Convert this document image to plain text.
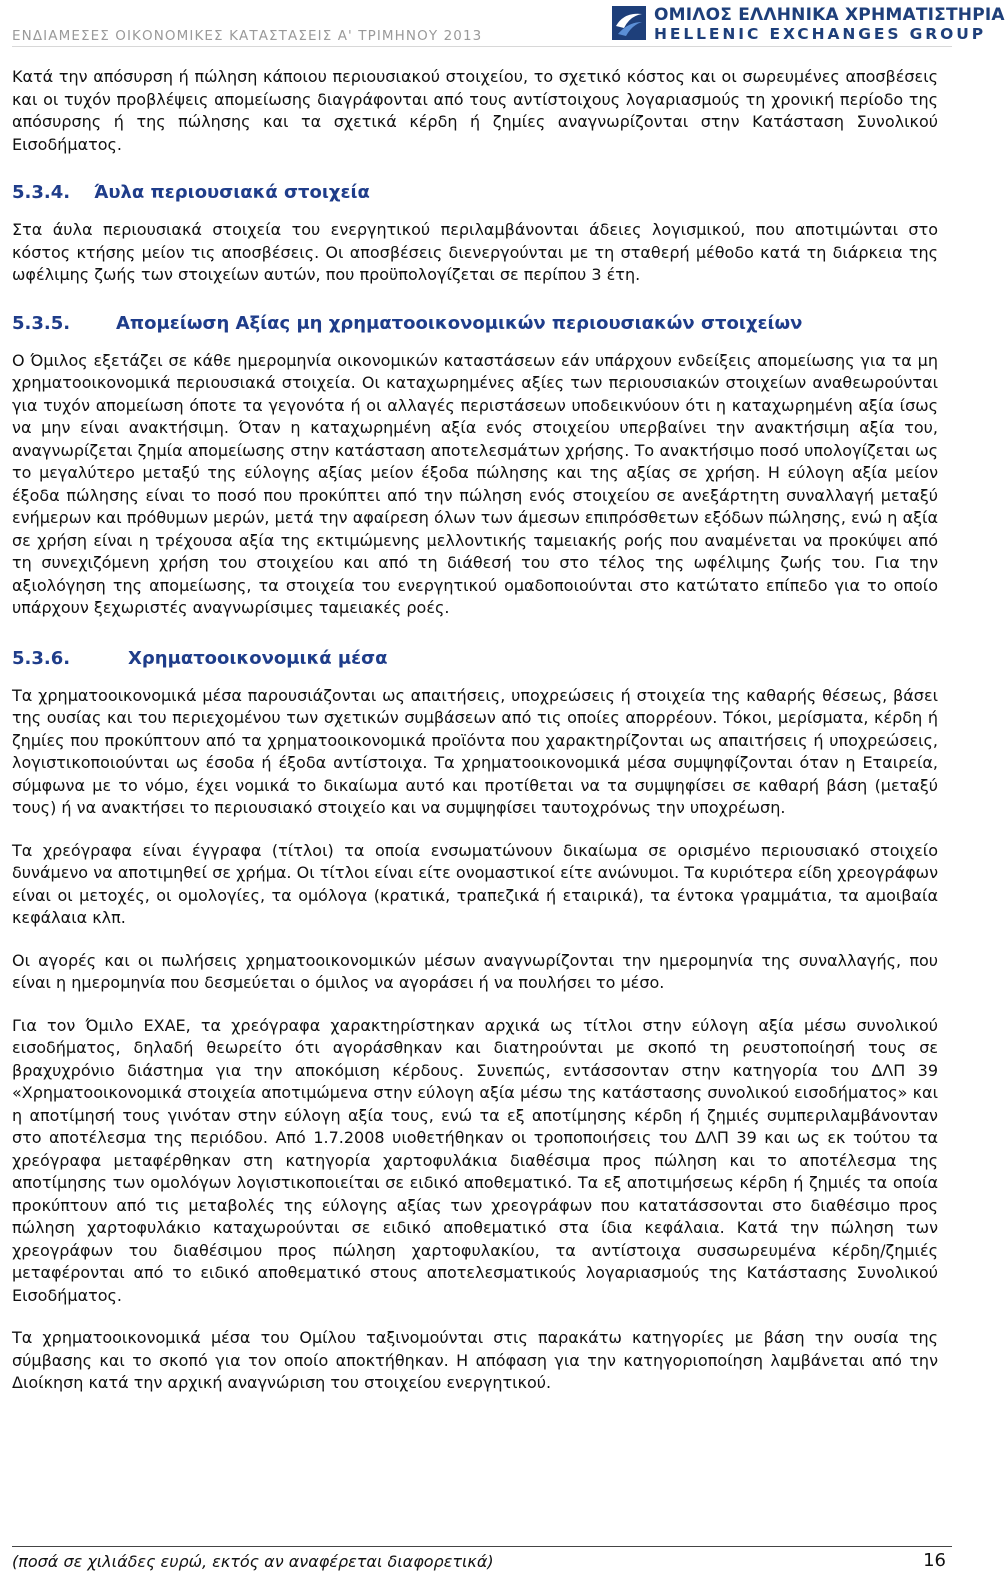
ΕΝΔΙΑΜΕΣΕΣ ΟΙΚΟΝΟΜΙΚΕΣ ΚΑΤΑΣΤΑΣΕΙΣ Α' ΤΡΙΜΗΝΟΥ 2013
ΟΜΙΛΟΣ ΕΛΛΗΝΙΚΑ ΧΡΗΜΑΤΙΣΤΗΡΙΑ
HELLENIC EXCHANGES GROUP

Κατά την απόσυρση ή πώληση κάποιου περιουσιακού στοιχείου, το σχετικό κόστος και οι σωρευμένες αποσβέσεις και οι τυχόν προβλέψεις απομείωσης διαγράφονται από τους αντίστοιχους λογαριασμούς τη χρονική περίοδο της απόσυρσης ή της πώλησης και τα σχετικά κέρδη ή ζημίες αναγνωρίζονται στην Κατάσταση Συνολικού Εισοδήματος.

5.3.4. Άυλα περιουσιακά στοιχεία

Στα άυλα περιουσιακά στοιχεία του ενεργητικού περιλαμβάνονται άδειες λογισμικού, που αποτιμώνται στο κόστος κτήσης μείον τις αποσβέσεις. Οι αποσβέσεις διενεργούνται με τη σταθερή μέθοδο κατά τη διάρκεια της ωφέλιμης ζωής των στοιχείων αυτών, που προϋπολογίζεται σε περίπου 3 έτη.

5.3.5.	Απομείωση Αξίας μη χρηματοοικονομικών περιουσιακών στοιχείων

Ο Όμιλος εξετάζει σε κάθε ημερομηνία οικονομικών καταστάσεων εάν υπάρχουν ενδείξεις απομείωσης για τα μη χρηματοοικονομικά περιουσιακά στοιχεία. Οι καταχωρημένες αξίες των περιουσιακών στοιχείων αναθεωρούνται για τυχόν απομείωση όποτε τα γεγονότα ή οι αλλαγές περιστάσεων υποδεικνύουν ότι η καταχωρημένη αξία ίσως να μην είναι ανακτήσιμη. Όταν η καταχωρημένη αξία ενός στοιχείου υπερβαίνει την ανακτήσιμη αξία του, αναγνωρίζεται ζημία απομείωσης στην κατάσταση αποτελεσμάτων χρήσης. Το ανακτήσιμο ποσό υπολογίζεται ως το μεγαλύτερο μεταξύ της εύλογης αξίας μείον έξοδα πώλησης και της αξίας σε χρήση. Η εύλογη αξία μείον έξοδα πώλησης είναι το ποσό που προκύπτει από την πώληση ενός στοιχείου σε ανεξάρτητη συναλλαγή μεταξύ ενήμερων και πρόθυμων μερών, μετά την αφαίρεση όλων των άμεσων επιπρόσθετων εξόδων πώλησης, ενώ η αξία σε χρήση είναι η τρέχουσα αξία της εκτιμώμενης μελλοντικής ταμειακής ροής που αναμένεται να προκύψει από τη συνεχιζόμενη χρήση του στοιχείου και από τη διάθεσή του στο τέλος της ωφέλιμης ζωής του. Για την αξιολόγηση της απομείωσης, τα στοιχεία του ενεργητικού ομαδοποιούνται στο κατώτατο επίπεδο για το οποίο υπάρχουν ξεχωριστές αναγνωρίσιμες ταμειακές ροές.

5.3.6.	Χρηματοοικονομικά μέσα

Τα χρηματοοικονομικά μέσα παρουσιάζονται ως απαιτήσεις, υποχρεώσεις ή στοιχεία της καθαρής θέσεως, βάσει της ουσίας και του περιεχομένου των σχετικών συμβάσεων από τις οποίες απορρέουν. Τόκοι, μερίσματα, κέρδη ή ζημίες που προκύπτουν από τα χρηματοοικονομικά προϊόντα που χαρακτηρίζονται ως απαιτήσεις ή υποχρεώσεις, λογιστικοποιούνται ως έσοδα ή έξοδα αντίστοιχα. Τα χρηματοοικονομικά μέσα συμψηφίζονται όταν η Εταιρεία, σύμφωνα με το νόμο, έχει νομικά το δικαίωμα αυτό και προτίθεται να τα συμψηφίσει σε καθαρή βάση (μεταξύ τους) ή να ανακτήσει το περιουσιακό στοιχείο και να συμψηφίσει ταυτοχρόνως την υποχρέωση.

Τα χρεόγραφα είναι έγγραφα (τίτλοι) τα οποία ενσωματώνουν δικαίωμα σε ορισμένο περιουσιακό στοιχείο δυνάμενο να αποτιμηθεί σε χρήμα. Οι τίτλοι είναι είτε ονομαστικοί είτε ανώνυμοι. Τα κυριότερα είδη χρεογράφων είναι οι μετοχές, οι ομολογίες, τα ομόλογα (κρατικά, τραπεζικά ή εταιρικά), τα έντοκα γραμμάτια, τα αμοιβαία κεφάλαια κλπ.

Οι αγορές και οι πωλήσεις χρηματοοικονομικών μέσων αναγνωρίζονται την ημερομηνία της συναλλαγής, που είναι η ημερομηνία που δεσμεύεται ο όμιλος να αγοράσει ή να πουλήσει το μέσο.

Για τον Όμιλο ΕΧΑΕ, τα χρεόγραφα χαρακτηρίστηκαν αρχικά ως τίτλοι στην εύλογη αξία μέσω συνολικού εισοδήματος, δηλαδή θεωρείτο ότι αγοράσθηκαν και διατηρούνται με σκοπό τη ρευστοποίησή τους σε βραχυχρόνιο διάστημα για την αποκόμιση κέρδους. Συνεπώς, εντάσσονταν στην κατηγορία του ΔΛΠ 39 «Χρηματοοικονομικά στοιχεία αποτιμώμενα στην εύλογη αξία μέσω της κατάστασης συνολικού εισοδήματος» και η αποτίμησή τους γινόταν στην εύλογη αξία τους, ενώ τα εξ αποτίμησης κέρδη ή ζημιές συμπεριλαμβάνονταν στο αποτέλεσμα της περιόδου. Από 1.7.2008 υιοθετήθηκαν οι τροποποιήσεις του ΔΛΠ 39 και ως εκ τούτου τα χρεόγραφα μεταφέρθηκαν στη κατηγορία χαρτοφυλάκια διαθέσιμα προς πώληση και το αποτέλεσμα της αποτίμησης των ομολόγων λογιστικοποιείται σε ειδικό αποθεματικό. Τα εξ αποτιμήσεως κέρδη ή ζημιές τα οποία προκύπτουν από τις μεταβολές της εύλογης αξίας των χρεογράφων που κατατάσσονται στο διαθέσιμο προς πώληση χαρτοφυλάκιο καταχωρούνται σε ειδικό αποθεματικό στα ίδια κεφάλαια. Κατά την πώληση των χρεογράφων του διαθέσιμου προς πώληση χαρτοφυλακίου, τα αντίστοιχα συσσωρευμένα κέρδη/ζημιές μεταφέρονται από το ειδικό αποθεματικό στους αποτελεσματικούς λογαριασμούς της Κατάστασης Συνολικού Εισοδήματος.

Τα χρηματοοικονομικά μέσα του Ομίλου ταξινομούνται στις παρακάτω κατηγορίες με βάση την ουσία της σύμβασης και το σκοπό για τον οποίο αποκτήθηκαν. Η απόφαση για την κατηγοριοποίηση λαμβάνεται από την Διοίκηση κατά την αρχική αναγνώριση του στοιχείου ενεργητικού.

(ποσά σε χιλιάδες ευρώ, εκτός αν αναφέρεται διαφορετικά)	16
